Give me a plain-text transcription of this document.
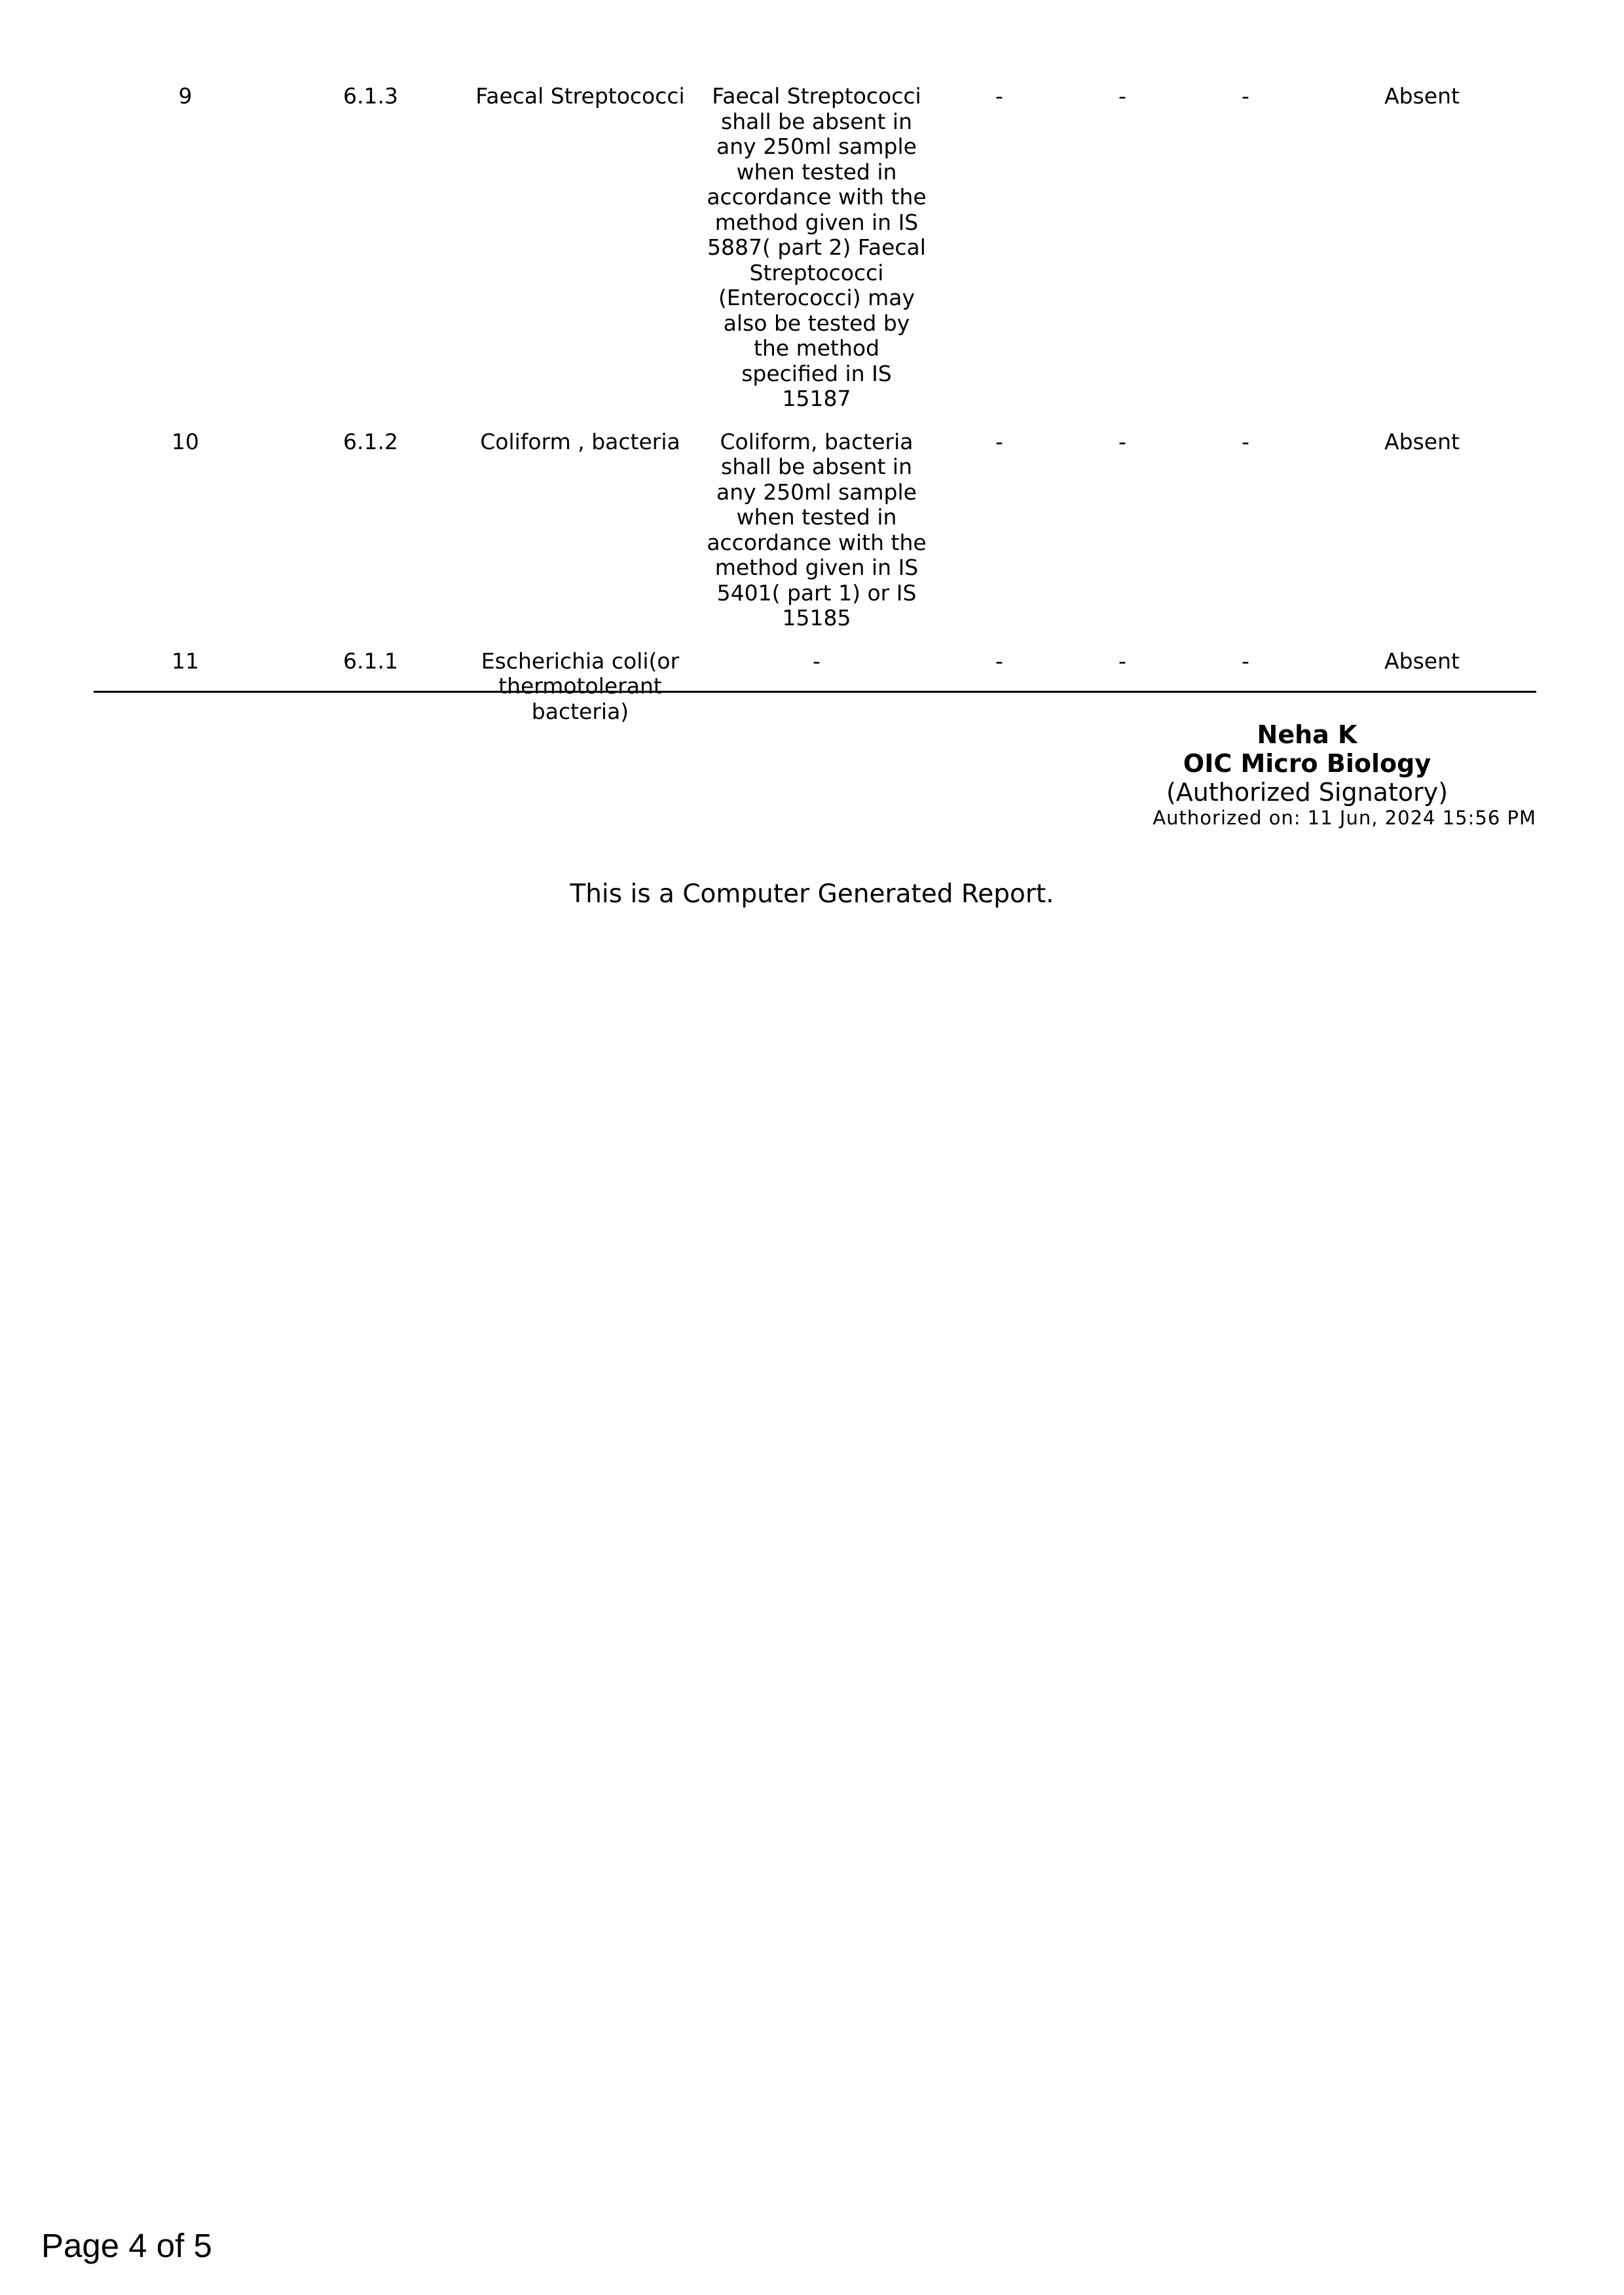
9	6.1.3	Faecal Streptococci	Faecal Streptococci shall be absent in any 250ml sample when tested in accordance with the method given in IS 5887( part 2) Faecal Streptococci (Enterococci) may also be tested by the method specified in IS 15187	-	-	-	Absent
10	6.1.2	Coliform , bacteria	Coliform, bacteria shall be absent in any 250ml sample when tested in accordance with the method given in IS 5401( part 1) or IS 15185	-	-	-	Absent
11	6.1.1	Escherichia coli(or thermotolerant bacteria)	-	-	-	-	Absent
Neha K
OIC Micro Biology
(Authorized Signatory)
Authorized on: 11 Jun, 2024 15:56 PM
This is a Computer Generated Report.
Page 4 of 5
